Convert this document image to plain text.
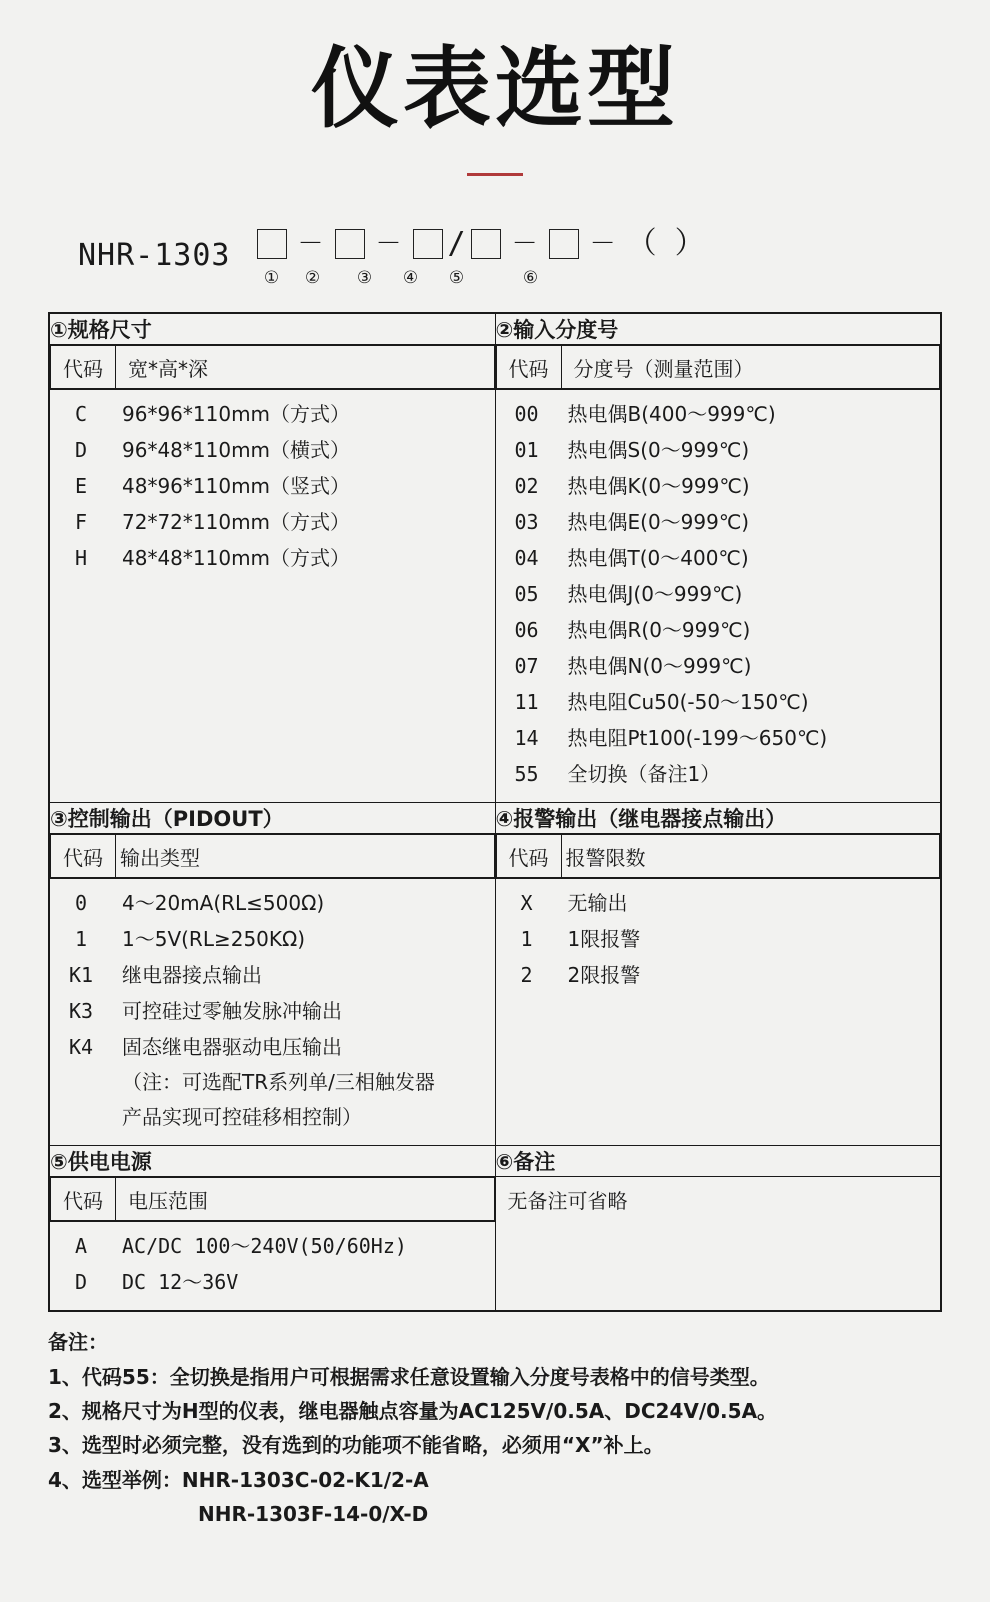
仪表选型
NHR-1303	－	－	/	－	－ （ ）
①	②	③	④	⑤	⑥
①规格尺寸	②输入分度号

代码	宽*高*深
		代码	分度号（测量范围）

C	96*96*110mm（方式）
D	96*48*110mm（横式）
E	48*96*110mm（竖式）
F	72*72*110mm（方式）
H	48*48*110mm（方式）

00	热电偶B(400～999℃)
01	热电偶S(0～999℃)
02	热电偶K(0～999℃)
03	热电偶E(0～999℃)
04	热电偶T(0～400℃)
05	热电偶J(0～999℃)
06	热电偶R(0～999℃)
07	热电偶N(0～999℃)
11	热电阻Cu50(-50～150℃)
14	热电阻Pt100(-199～650℃)
55	全切换（备注1）

③控制输出（PIDOUT）	④报警输出（继电器接点输出）

代码	输出类型
		代码	报警限数

0	4～20mA(RL≤500Ω)
1	1～5V(RL≥250KΩ)
K1	继电器接点输出
K3	可控硅过零触发脉冲输出
K4	固态继电器驱动电压输出
（注：可选配TR系列单/三相触发器
产品实现可控硅移相控制）

X	无输出
1	1限报警
2	2限报警

⑤供电电源	⑥备注

代码	电压范围
		无备注可省略

A	AC/DC 100～240V(50/60Hz)
D	DC 12～36V
备注：
1、代码55：全切换是指用户可根据需求任意设置输入分度号表格中的信号类型。
2、规格尺寸为H型的仪表，继电器触点容量为AC125V/0.5A、DC24V/0.5A。
3、选型时必须完整，没有选到的功能项不能省略，必须用“X”补上。
4、选型举例：NHR-1303C-02-K1/2-A
NHR-1303F-14-0/X-D
